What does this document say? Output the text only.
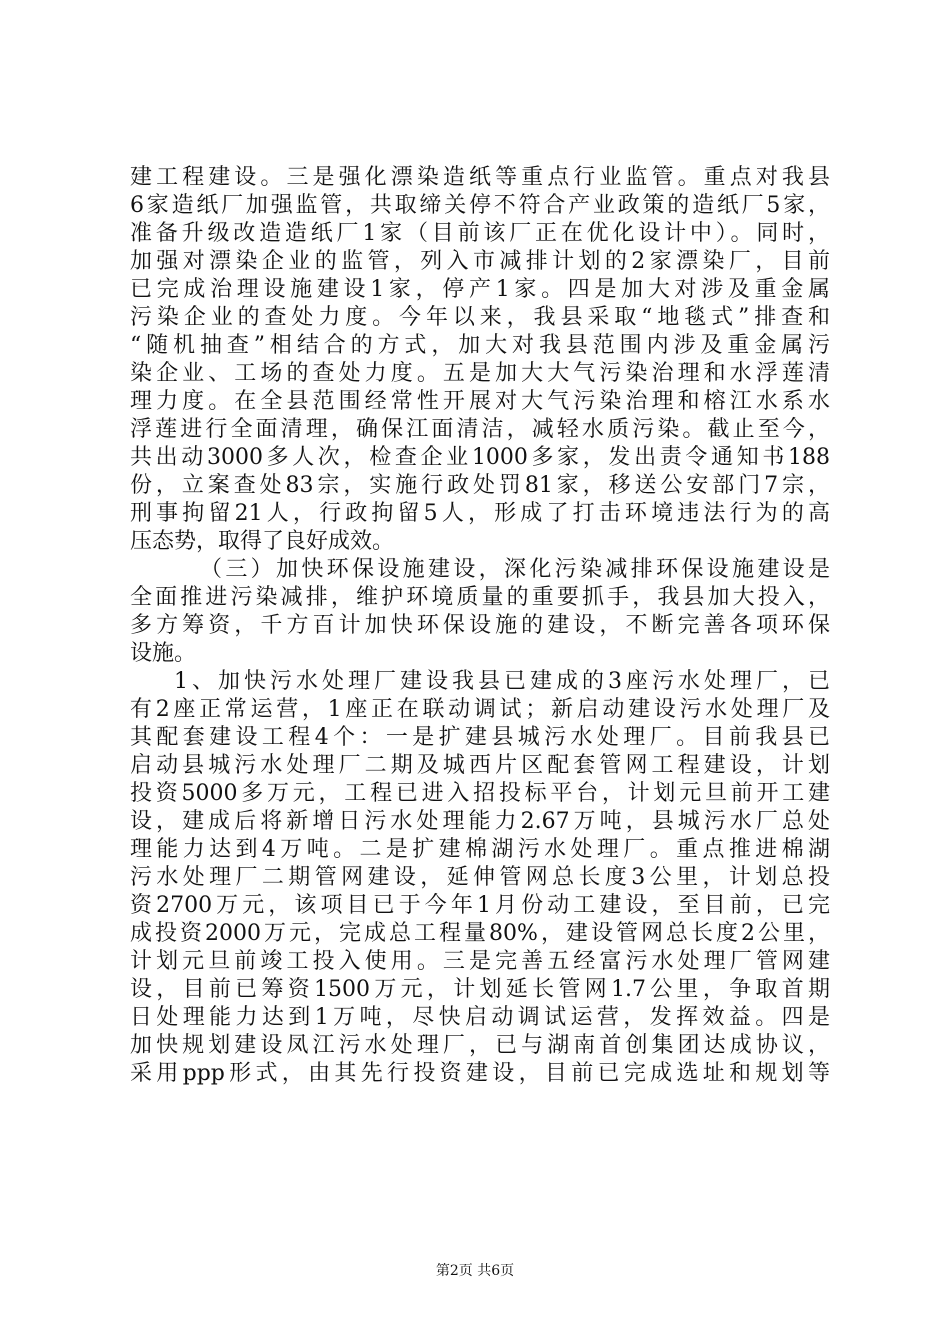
建工程建设。三是强化漂染造纸等重点行业监管。重点对我县
6家造纸厂加强监管，共取缔关停不符合产业政策的造纸厂5家，
准备升级改造造纸厂1家（目前该厂正在优化设计中）。同时，
加强对漂染企业的监管，列入市减排计划的2家漂染厂，目前
已完成治理设施建设1家，停产1家。四是加大对涉及重金属
污染企业的查处力度。今年以来，我县采取“地毯式”排查和
“随机抽查”相结合的方式，加大对我县范围内涉及重金属污
染企业、工场的查处力度。五是加大大气污染治理和水浮莲清
理力度。在全县范围经常性开展对大气污染治理和榕江水系水
浮莲进行全面清理，确保江面清洁，减轻水质污染。截止至今，
共出动3000多人次，检查企业1000多家，发出责令通知书188
份，立案查处83宗，实施行政处罚81家，移送公安部门7宗，
刑事拘留21人，行政拘留5人，形成了打击环境违法行为的高
压态势，取得了良好成效。
（三）加快环保设施建设，深化污染减排环保设施建设是
全面推进污染减排，维护环境质量的重要抓手，我县加大投入，
多方筹资，千方百计加快环保设施的建设，不断完善各项环保
设施。
1、加快污水处理厂建设我县已建成的3座污水处理厂，已
有2座正常运营，1座正在联动调试；新启动建设污水处理厂及
其配套建设工程4个：一是扩建县城污水处理厂。目前我县已
启动县城污水处理厂二期及城西片区配套管网工程建设，计划
投资5000多万元，工程已进入招投标平台，计划元旦前开工建
设，建成后将新增日污水处理能力2.67万吨，县城污水厂总处
理能力达到4万吨。二是扩建棉湖污水处理厂。重点推进棉湖
污水处理厂二期管网建设，延伸管网总长度3公里，计划总投
资2700万元，该项目已于今年1月份动工建设，至目前，已完
成投资2000万元，完成总工程量80%，建设管网总长度2公里，
计划元旦前竣工投入使用。三是完善五经富污水处理厂管网建
设，目前已筹资1500万元，计划延长管网1.7公里，争取首期
日处理能力达到1万吨，尽快启动调试运营，发挥效益。四是
加快规划建设凤江污水处理厂，已与湖南首创集团达成协议，
采用ppp形式，由其先行投资建设，目前已完成选址和规划等
第2页 共6页
